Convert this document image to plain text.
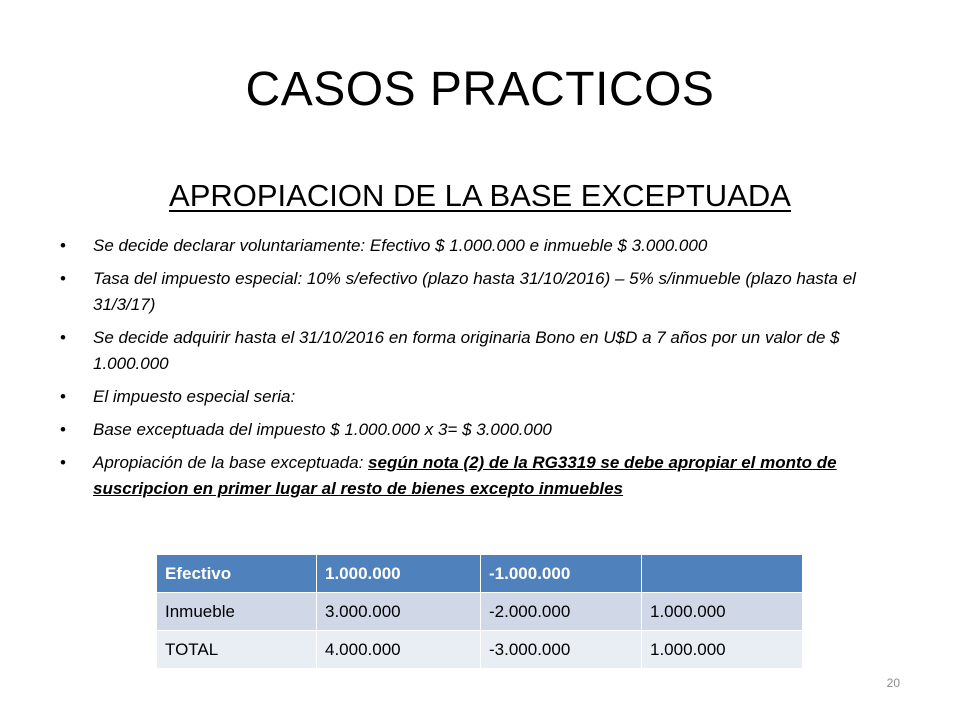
CASOS PRACTICOS
APROPIACION DE LA BASE EXCEPTUADA
• Se decide declarar voluntariamente: Efectivo $ 1.000.000 e inmueble $ 3.000.000
• Tasa del impuesto especial: 10% s/efectivo (plazo hasta 31/10/2016) – 5% s/inmueble (plazo hasta el 31/3/17)
• Se decide adquirir hasta el 31/10/2016 en forma originaria Bono en U$D a 7 años por un valor de $ 1.000.000
• El impuesto especial seria:
• Base exceptuada del impuesto $ 1.000.000 x 3= $ 3.000.000
• Apropiación de la base exceptuada: según nota (2) de la RG3319 se debe apropiar el monto de suscripcion en primer lugar al resto de bienes excepto inmuebles
Efectivo	1.000.000	-1.000.000	
Inmueble	3.000.000	-2.000.000	1.000.000
TOTAL	4.000.000	-3.000.000	1.000.000
20
